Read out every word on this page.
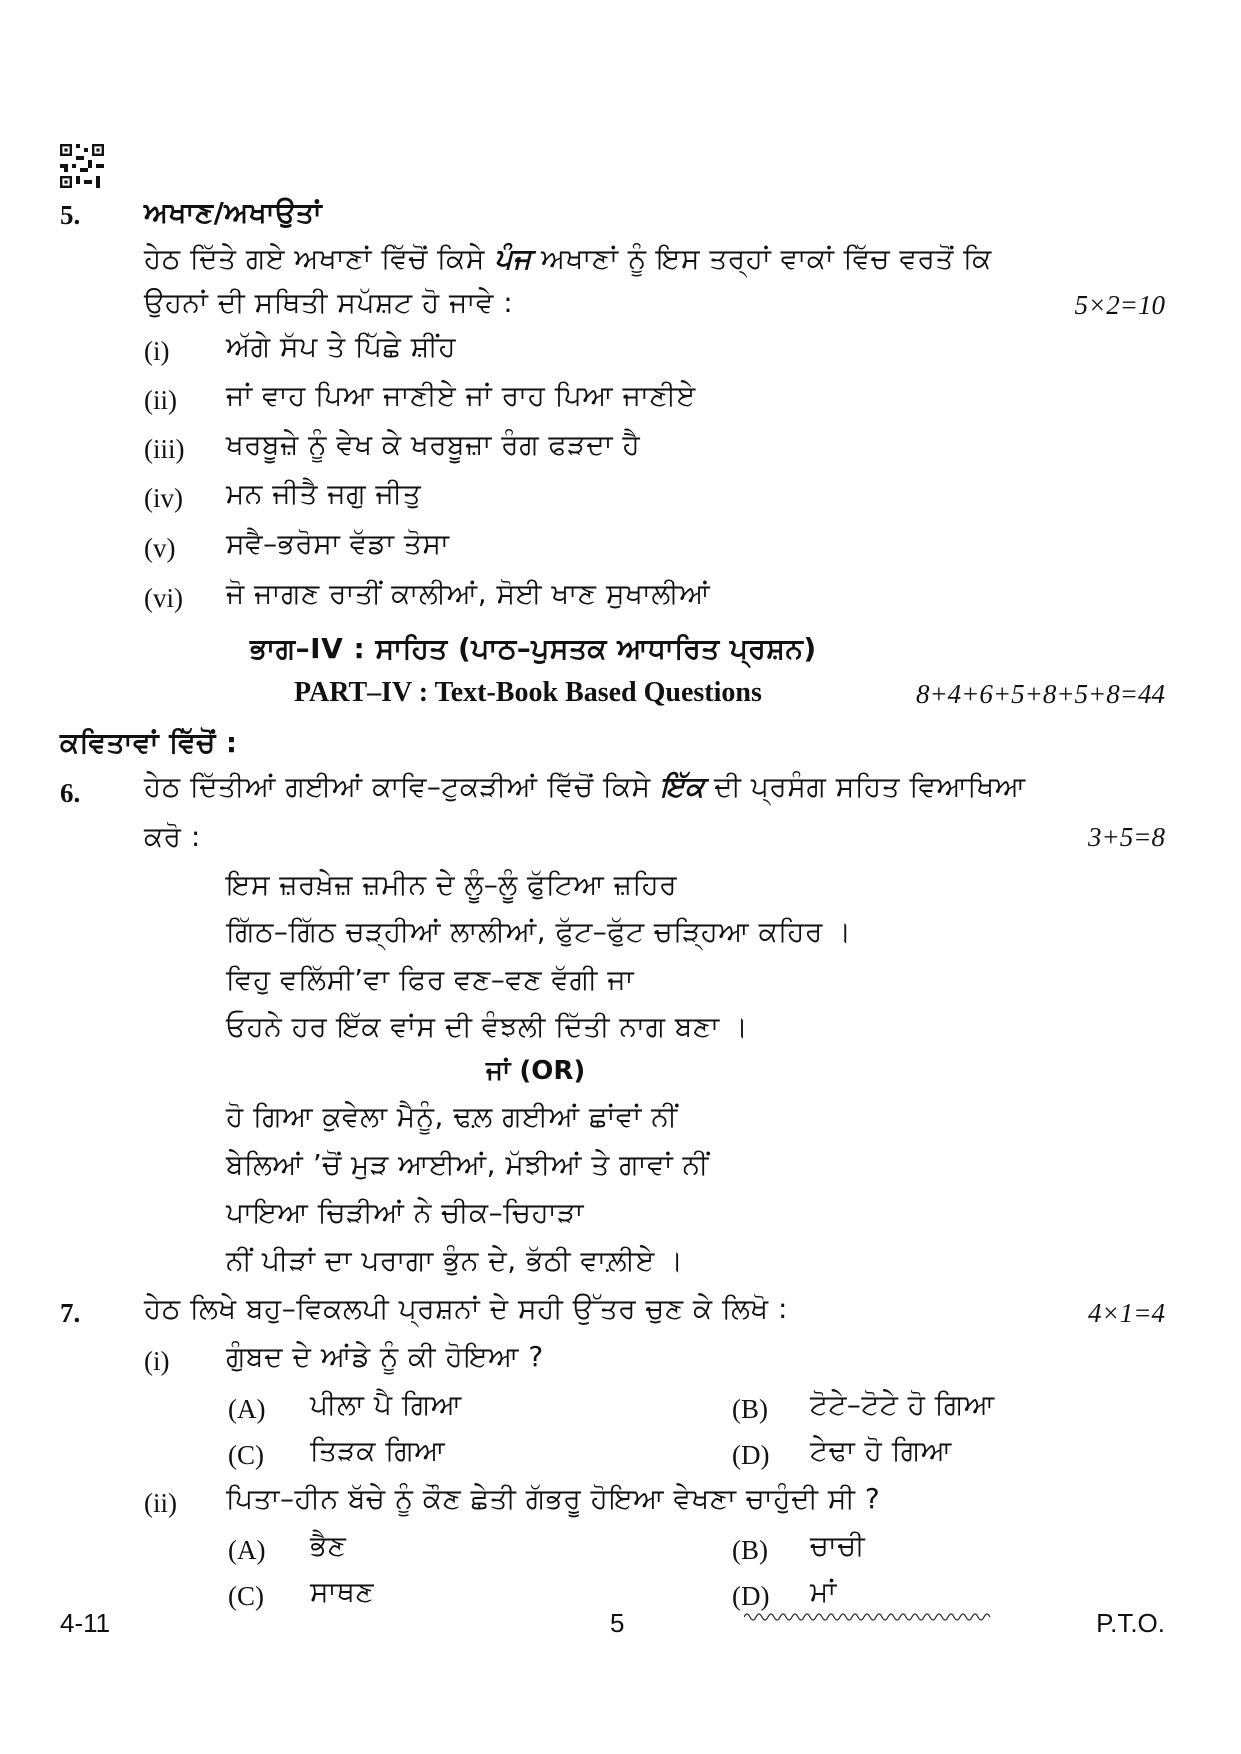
5. ਅਖਾਣ/ਅਖਾਉਤਾਂ
ਹੇਠ ਦਿੱਤੇ ਗਏ ਅਖਾਣਾਂ ਵਿੱਚੋਂ ਕਿਸੇ ਪੰਜ ਅਖਾਣਾਂ ਨੂੰ ਇਸ ਤਰ੍ਹਾਂ ਵਾਕਾਂ ਵਿੱਚ ਵਰਤੋਂ ਕਿ
ਉਹਨਾਂ ਦੀ ਸਥਿਤੀ ਸਪੱਸ਼ਟ ਹੋ ਜਾਵੇ :	5×2=10
(i) ਅੱਗੇ ਸੱਪ ਤੇ ਪਿੱਛੇ ਸ਼ੀਂਹ
(ii) ਜਾਂ ਵਾਹ ਪਿਆ ਜਾਣੀਏ ਜਾਂ ਰਾਹ ਪਿਆ ਜਾਣੀਏ
(iii) ਖਰਬੂਜ਼ੇ ਨੂੰ ਵੇਖ ਕੇ ਖਰਬੂਜ਼ਾ ਰੰਗ ਫੜਦਾ ਹੈ
(iv) ਮਨ ਜੀਤੈ ਜਗੁ ਜੀਤੁ
(v) ਸਵੈ–ਭਰੋਸਾ ਵੱਡਾ ਤੋਸਾ
(vi) ਜੋ ਜਾਗਣ ਰਾਤੀਂ ਕਾਲੀਆਂ, ਸੋਈ ਖਾਣ ਸੁਖਾਲੀਆਂ
ਭਾਗ–IV : ਸਾਹਿਤ (ਪਾਠ–ਪੁਸਤਕ ਆਧਾਰਿਤ ਪ੍ਰਸ਼ਨ)
PART–IV : Text-Book Based Questions	8+4+6+5+8+5+8=44
ਕਵਿਤਾਵਾਂ ਵਿੱਚੋਂ :
6. ਹੇਠ ਦਿੱਤੀਆਂ ਗਈਆਂ ਕਾਵਿ–ਟੁਕੜੀਆਂ ਵਿੱਚੋਂ ਕਿਸੇ ਇੱਕ ਦੀ ਪ੍ਰਸੰਗ ਸਹਿਤ ਵਿਆਖਿਆ
ਕਰੋ :	3+5=8
ਇਸ ਜ਼ਰਖ਼ੇਜ਼ ਜ਼ਮੀਨ ਦੇ ਲੂੰ–ਲੂੰ ਫੁੱਟਿਆ ਜ਼ਹਿਰ
ਗਿੱਠ–ਗਿੱਠ ਚੜ੍ਹੀਆਂ ਲਾਲੀਆਂ, ਫੁੱਟ–ਫੁੱਟ ਚੜ੍ਹਿਆ ਕਹਿਰ ।
ਵਿਹੁ ਵਲਿੱਸੀ’ਵਾ ਫਿਰ ਵਣ–ਵਣ ਵੱਗੀ ਜਾ
ਓਹਨੇ ਹਰ ਇੱਕ ਵਾਂਸ ਦੀ ਵੰਝਲੀ ਦਿੱਤੀ ਨਾਗ ਬਣਾ ।
ਜਾਂ (OR)
ਹੋ ਗਿਆ ਕੁਵੇਲਾ ਮੈਨੂੰ, ਢਲ਼ ਗਈਆਂ ਛਾਂਵਾਂ ਨੀਂ
ਬੇਲਿਆਂ ’ਚੋਂ ਮੁੜ ਆਈਆਂ, ਮੱਝੀਆਂ ਤੇ ਗਾਵਾਂ ਨੀਂ
ਪਾਇਆ ਚਿੜੀਆਂ ਨੇ ਚੀਕ–ਚਿਹਾੜਾ
ਨੀਂ ਪੀੜਾਂ ਦਾ ਪਰਾਗਾ ਭੁੰਨ ਦੇ, ਭੱਠੀ ਵਾਲ਼ੀਏ ।
7. ਹੇਠ ਲਿਖੇ ਬਹੁ–ਵਿਕਲਪੀ ਪ੍ਰਸ਼ਨਾਂ ਦੇ ਸਹੀ ਉੱਤਰ ਚੁਣ ਕੇ ਲਿਖੋ :	4×1=4
(i) ਗੁੰਬਦ ਦੇ ਆਂਡੇ ਨੂੰ ਕੀ ਹੋਇਆ ?
(A) ਪੀਲਾ ਪੈ ਗਿਆ	(B) ਟੋਟੇ–ਟੋਟੇ ਹੋ ਗਿਆ
(C) ਤਿੜਕ ਗਿਆ	(D) ਟੇਢਾ ਹੋ ਗਿਆ
(ii) ਪਿਤਾ–ਹੀਨ ਬੱਚੇ ਨੂੰ ਕੌਣ ਛੇਤੀ ਗੱਭਰੂ ਹੋਇਆ ਵੇਖਣਾ ਚਾਹੁੰਦੀ ਸੀ ?
(A) ਭੈਣ	(B) ਚਾਚੀ
(C) ਸਾਥਣ	(D) ਮਾਂ
4-11	5	P.T.O.
